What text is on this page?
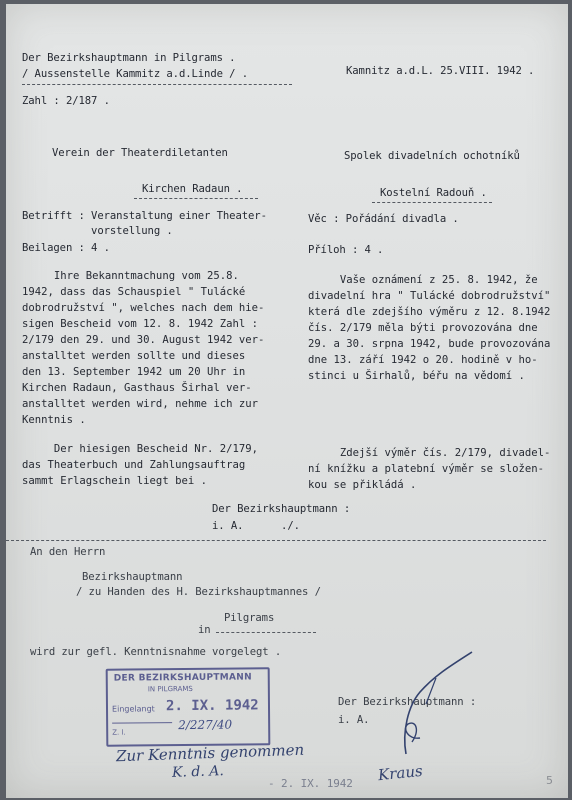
Der Bezirkshauptmann in Pilgrams .
/ Aussenstelle Kammitz a.d.Linde / .	Kamnitz a.d.L. 25.VIII. 1942 .
Zahl : 2/187 .
Verein der Theaterdiletanten	Spolek divadelních ochotníků
Kirchen Radaun .	Kostelní Radouň .
Betrifft : Veranstaltung einer Theater-
vorstellung .
Beilagen : 4 .
Věc : Pořádání divadla .
Příloh : 4 .
Ihre Bekanntmachung vom 25.8.
1942, dass das Schauspiel " Tulácké
dobrodružství ", welches nach dem hie-
sigen Bescheid vom 12. 8. 1942 Zahl :
2/179 den 29. und 30. August 1942 ver-
anstalltet werden sollte und dieses
den 13. September 1942 um 20 Uhr in
Kirchen Radaun, Gasthaus Širhal ver-
anstalltet werden wird, nehme ich zur
Kenntnis .
Vaše oznámení z 25. 8. 1942, že
divadelní hra " Tulácké dobrodružství"
která dle zdejšího výměru z 12. 8.1942
čís. 2/179 měla býti provozována dne
29. a 30. srpna 1942, bude provozována
dne 13. září 1942 o 20. hodině v ho-
stinci u Širhalů, béřu na vědomí .
Der hiesigen Bescheid Nr. 2/179,
das Theaterbuch und Zahlungsauftrag
sammt Erlagschein liegt bei .
Zdejší výměr čís. 2/179, divadel-
ní knížku a platební výměr se složen-
kou se přikládá .
Der Bezirkshauptmann :
i. A.      ./.
An den Herrn
Bezirkshauptmann
/ zu Handen des H. Bezirkshauptmannes /
Pilgrams
in
wird zur gefl. Kenntnisnahme vorgelegt .
Der Bezirkshauptmann :
i. A.
DER BEZIRKSHAUPTMANN
IN PILGRAMS
Eingelangt 2. IX. 1942
Z. l.
2/227/40
Zur Kenntnis genommen
K. d. A.
- 2. IX. 1942 Kraus	5
